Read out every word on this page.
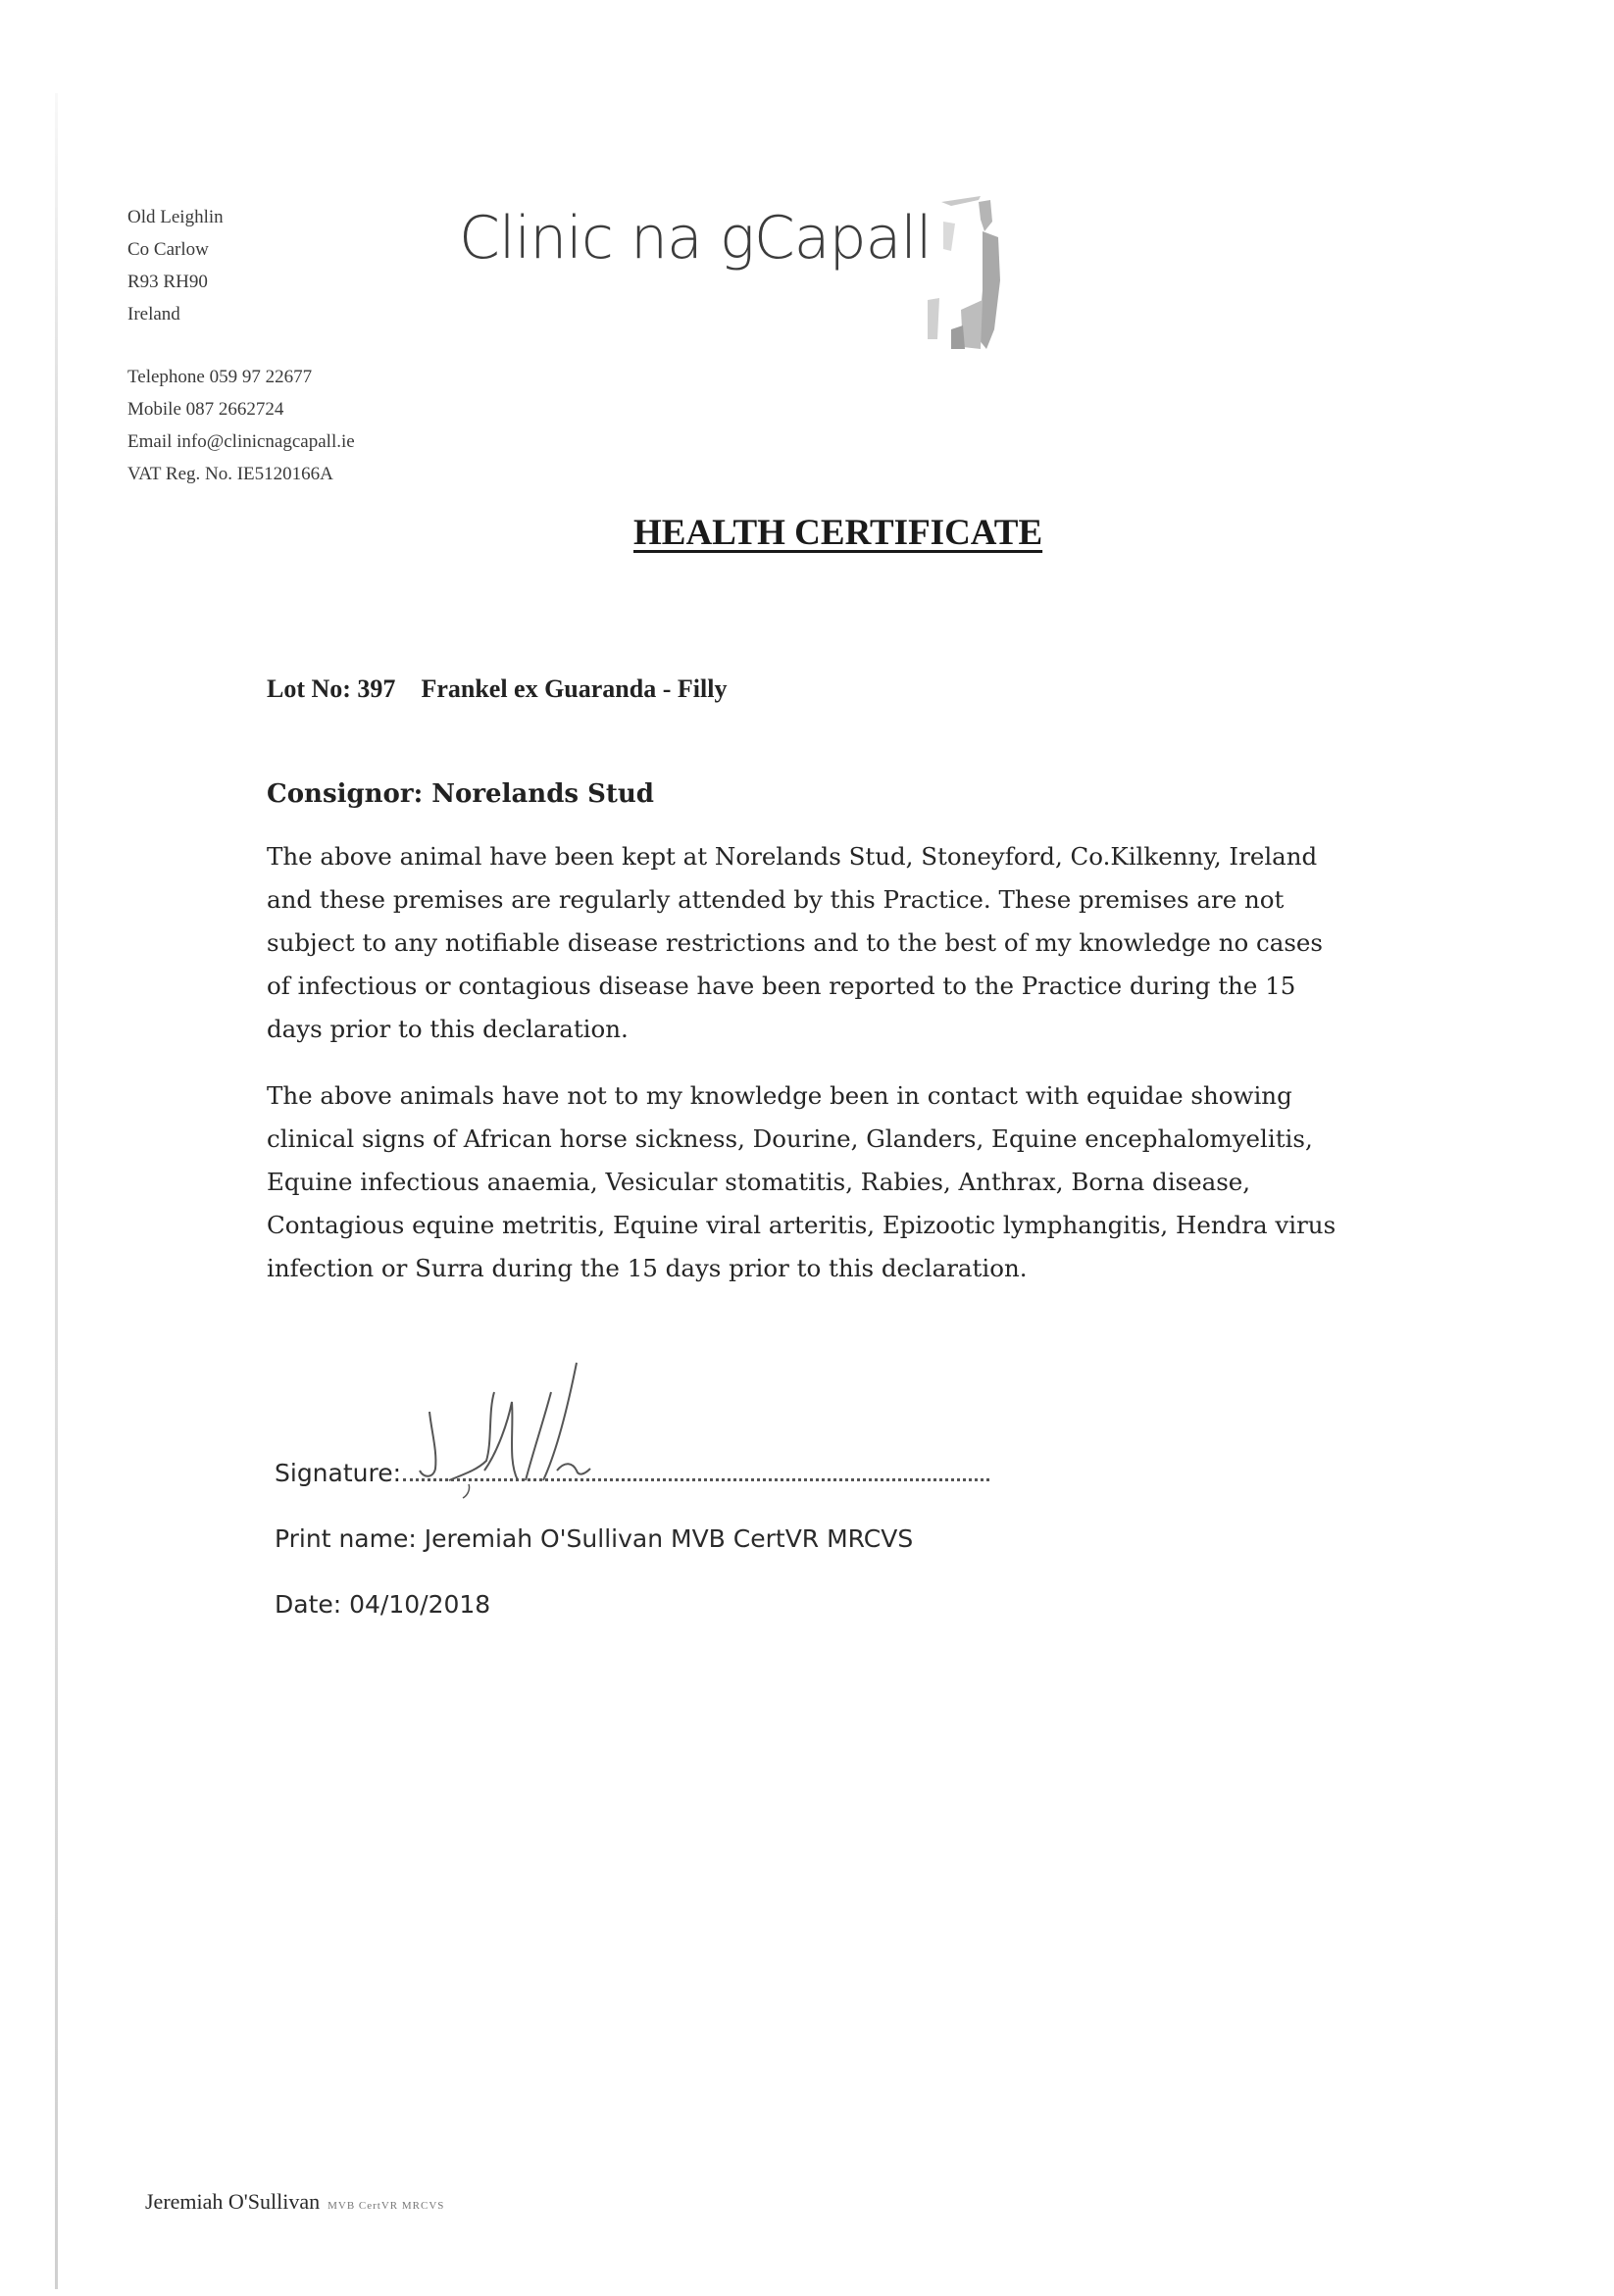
Old Leighlin
Co Carlow
R93 RH90
Ireland
Telephone 059 97 22677
Mobile 087 2662724
Email info@clinicnagcapall.ie
VAT Reg. No. IE5120166A
Clinic na gCapall
HEALTH CERTIFICATE
Lot No: 397 Frankel ex Guaranda - Filly
Consignor: Norelands Stud
The above animal have been kept at Norelands Stud, Stoneyford, Co.Kilkenny, Ireland
and these premises are regularly attended by this Practice. These premises are not
subject to any notifiable disease restrictions and to the best of my knowledge no cases
of infectious or contagious disease have been reported to the Practice during the 15
days prior to this declaration.
The above animals have not to my knowledge been in contact with equidae showing
clinical signs of African horse sickness, Dourine, Glanders, Equine encephalomyelitis,
Equine infectious anaemia, Vesicular stomatitis, Rabies, Anthrax, Borna disease,
Contagious equine metritis, Equine viral arteritis, Epizootic lymphangitis, Hendra virus
infection or Surra during the 15 days prior to this declaration.
Signature:
Print name: Jeremiah O'Sullivan MVB CertVR MRCVS
Date: 04/10/2018
Jeremiah O'Sullivan MVB CertVR MRCVS
